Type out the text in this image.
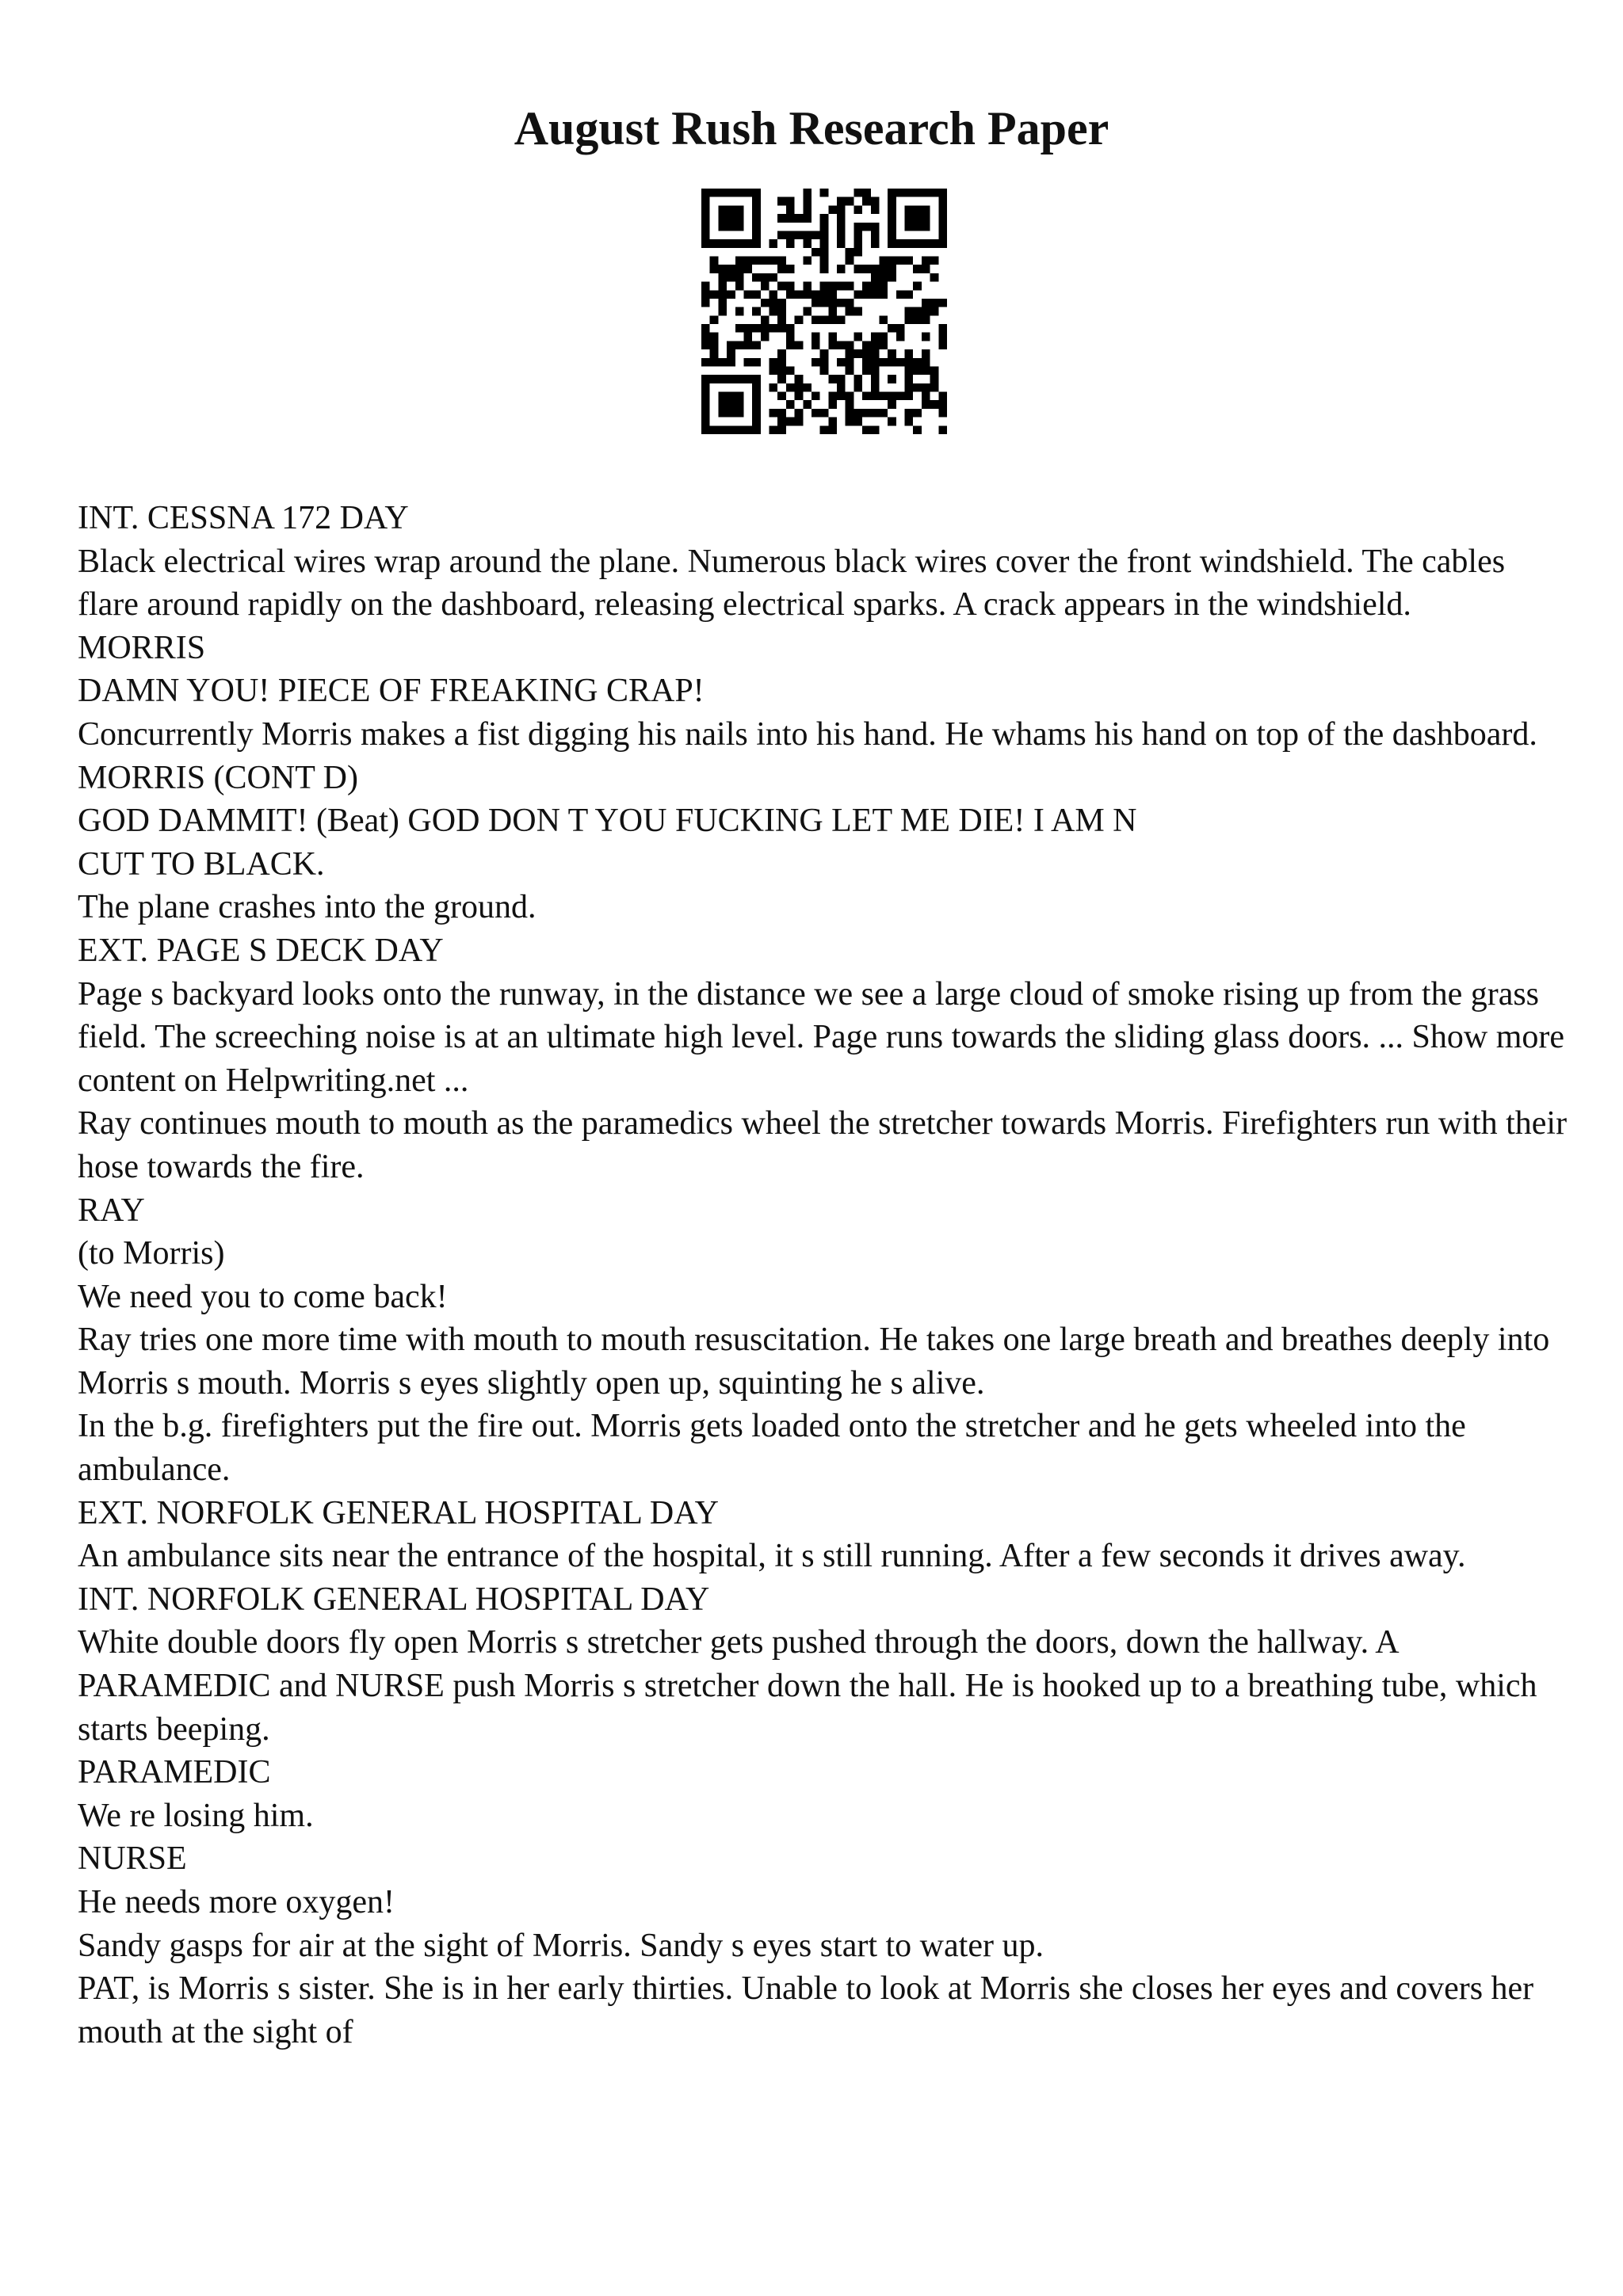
August Rush Research Paper
INT. CESSNA 172 DAY
Black electrical wires wrap around the plane. Numerous black wires cover the front windshield. The cables flare around rapidly on the dashboard, releasing electrical sparks. A crack appears in the windshield.
MORRIS
DAMN YOU! PIECE OF FREAKING CRAP!
Concurrently Morris makes a fist digging his nails into his hand. He whams his hand on top of the dashboard.
MORRIS (CONT D)
GOD DAMMIT! (Beat) GOD DON T YOU FUCKING LET ME DIE! I AM N
CUT TO BLACK.
The plane crashes into the ground.
EXT. PAGE S DECK DAY
Page s backyard looks onto the runway, in the distance we see a large cloud of smoke rising up from the grass field. The screeching noise is at an ultimate high level. Page runs towards the sliding glass doors. ... Show more content on Helpwriting.net ...
Ray continues mouth to mouth as the paramedics wheel the stretcher towards Morris. Firefighters run with their hose towards the fire.
RAY
(to Morris)
We need you to come back!
Ray tries one more time with mouth to mouth resuscitation. He takes one large breath and breathes deeply into Morris s mouth. Morris s eyes slightly open up, squinting he s alive.
In the b.g. firefighters put the fire out. Morris gets loaded onto the stretcher and he gets wheeled into the ambulance.
EXT. NORFOLK GENERAL HOSPITAL DAY
An ambulance sits near the entrance of the hospital, it s still running. After a few seconds it drives away.
INT. NORFOLK GENERAL HOSPITAL DAY
White double doors fly open Morris s stretcher gets pushed through the doors, down the hallway. A PARAMEDIC and NURSE push Morris s stretcher down the hall. He is hooked up to a breathing tube, which starts beeping.
PARAMEDIC
We re losing him.
NURSE
He needs more oxygen!
Sandy gasps for air at the sight of Morris. Sandy s eyes start to water up.
PAT, is Morris s sister. She is in her early thirties. Unable to look at Morris she closes her eyes and covers her mouth at the sight of
